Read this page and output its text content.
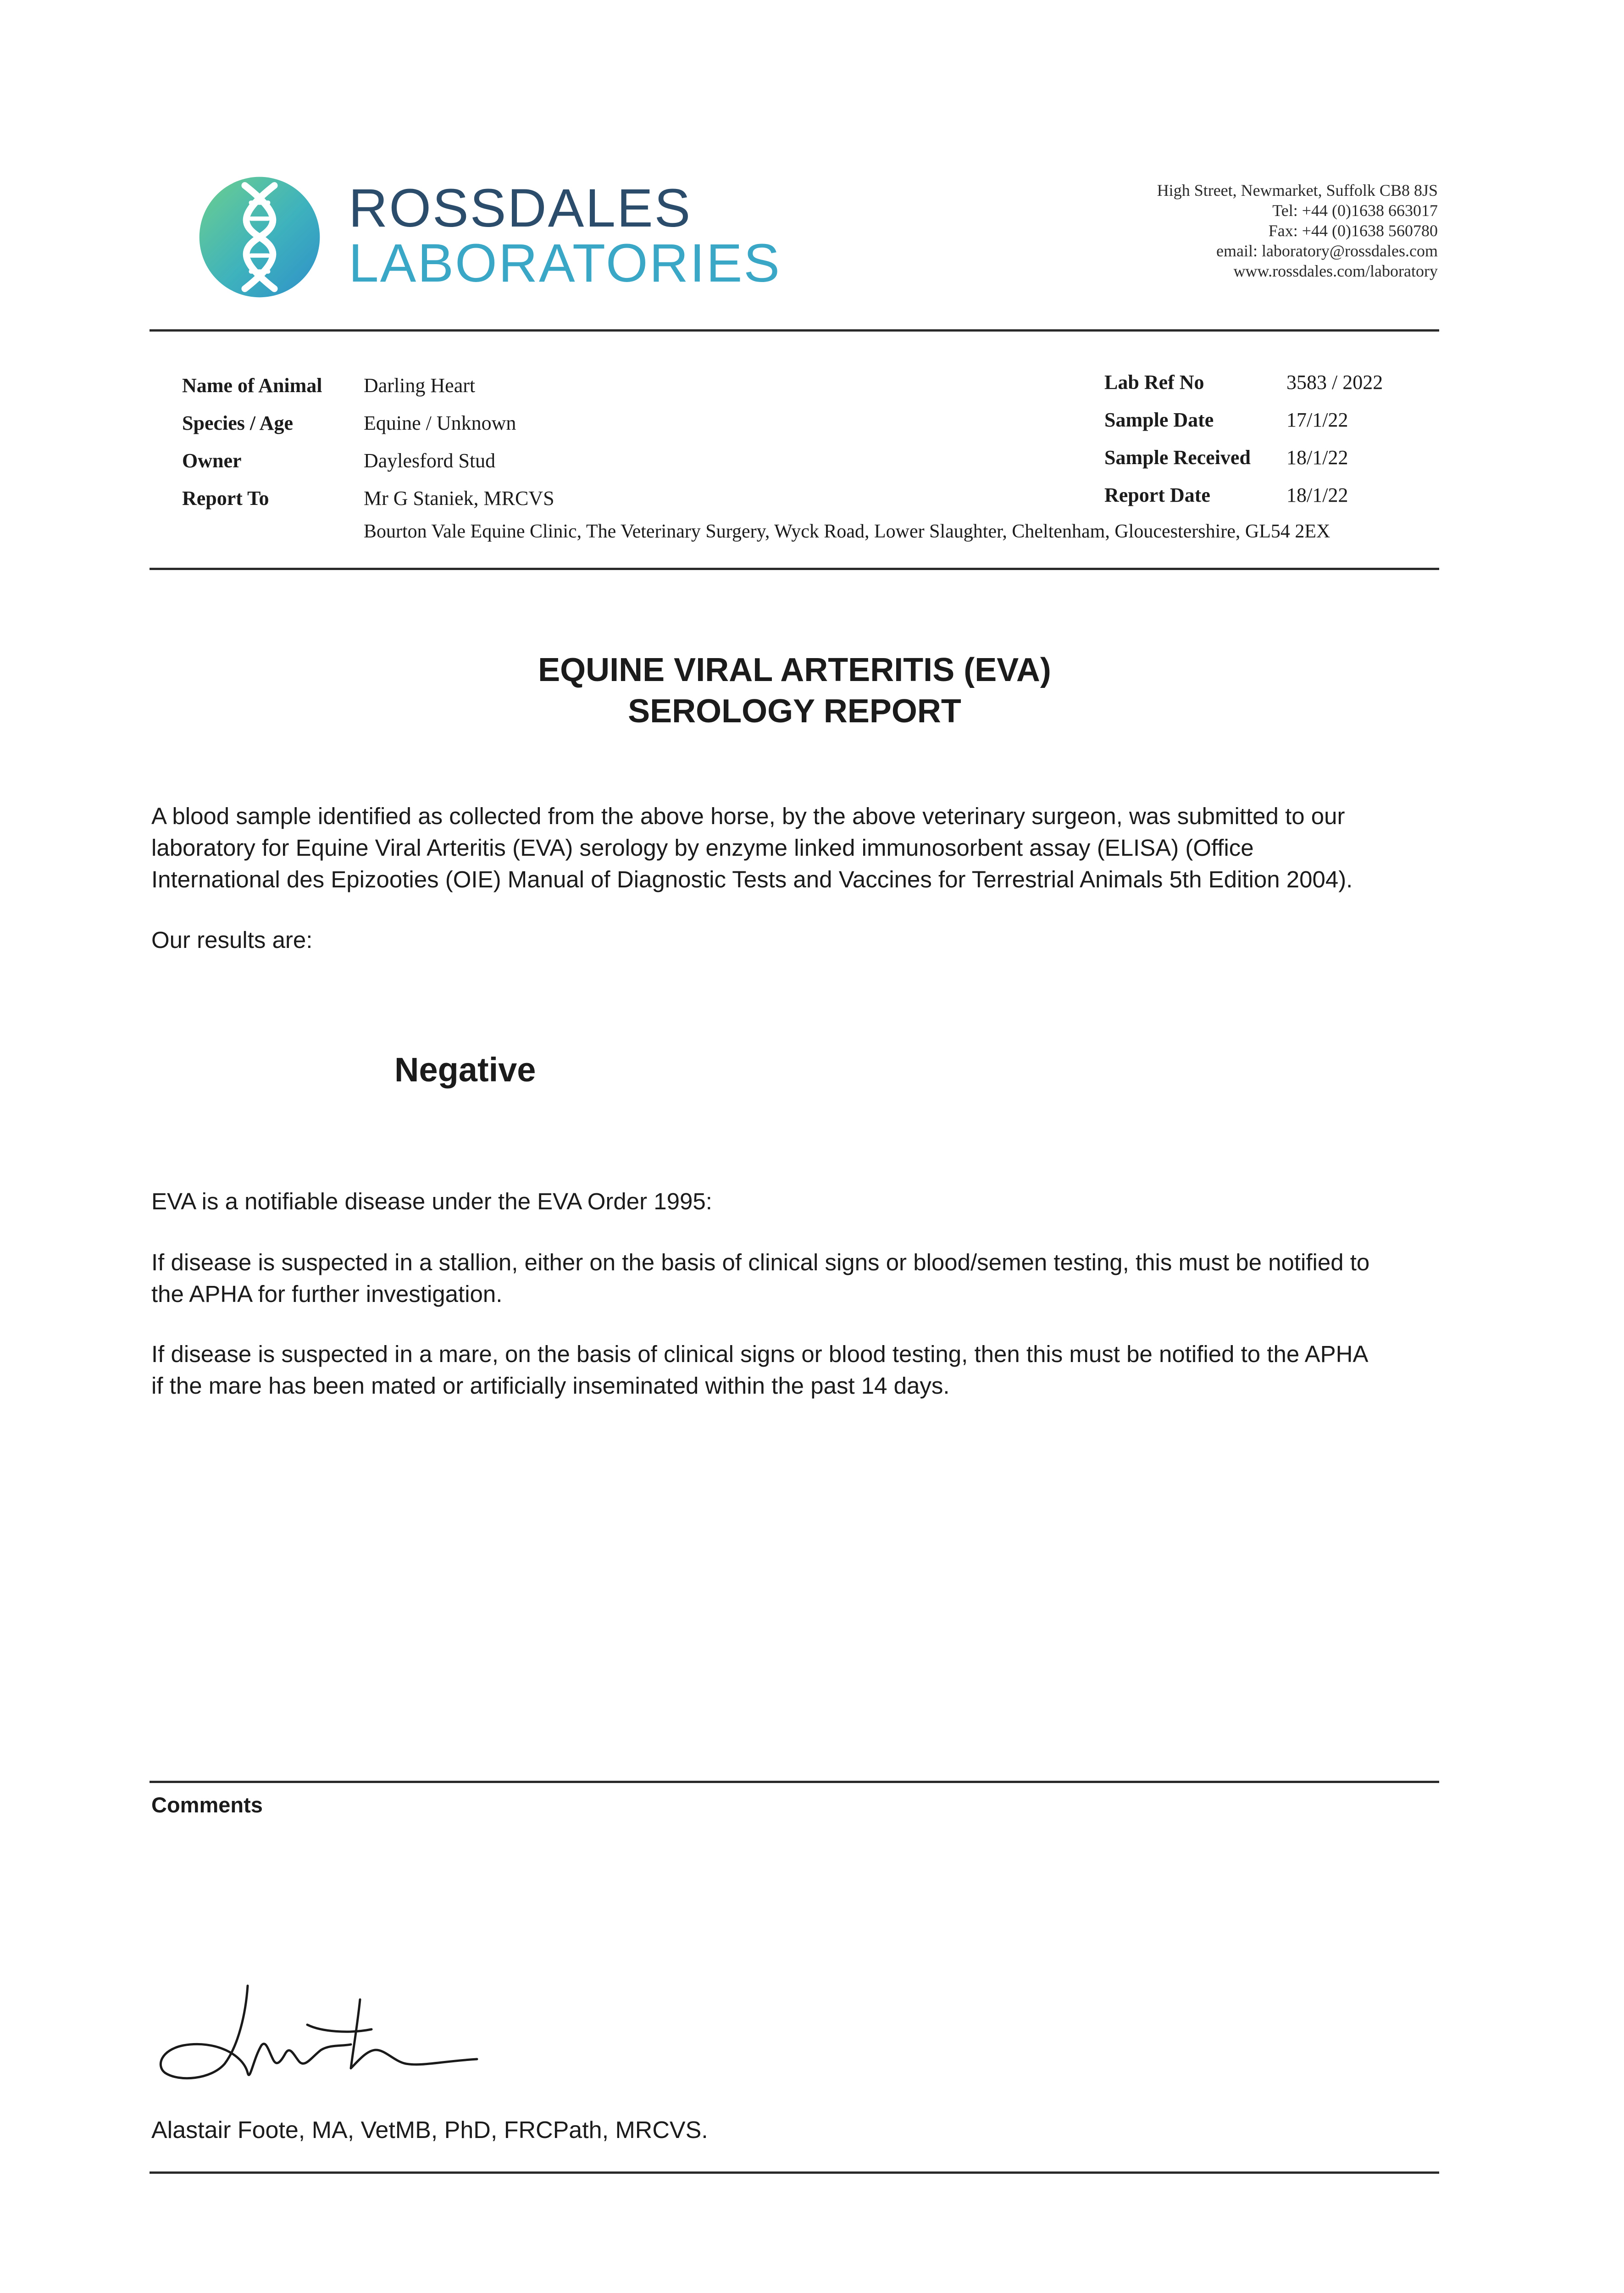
ROSSDALES
LABORATORIES
High Street, Newmarket, Suffolk CB8 8JS
Tel: +44 (0)1638 663017
Fax: +44 (0)1638 560780
email: laboratory@rossdales.com
www.rossdales.com/laboratory
Name of Animal Darling Heart
Species / Age	Equine / Unknown
Owner	Daylesford Stud
Report To	Mr G Staniek, MRCVS
Bourton Vale Equine Clinic, The Veterinary Surgery, Wyck Road, Lower Slaughter, Cheltenham, Gloucestershire, GL54 2EX
Lab Ref No	3583 / 2022
Sample Date	17/1/22
Sample Received 18/1/22
Report Date	18/1/22
EQUINE VIRAL ARTERITIS (EVA)
SEROLOGY REPORT
A blood sample identified as collected from the above horse, by the above veterinary surgeon, was submitted to our
laboratory for Equine Viral Arteritis (EVA) serology by enzyme linked immunosorbent assay (ELISA) (Office
International des Epizooties (OIE) Manual of Diagnostic Tests and Vaccines for Terrestrial Animals 5th Edition 2004).
Our results are:
Negative
EVA is a notifiable disease under the EVA Order 1995:
If disease is suspected in a stallion, either on the basis of clinical signs or blood/semen testing, this must be notified to
the APHA for further investigation.
If disease is suspected in a mare, on the basis of clinical signs or blood testing, then this must be notified to the APHA
if the mare has been mated or artificially inseminated within the past 14 days.
Comments
Alastair Foote, MA, VetMB, PhD, FRCPath, MRCVS.
